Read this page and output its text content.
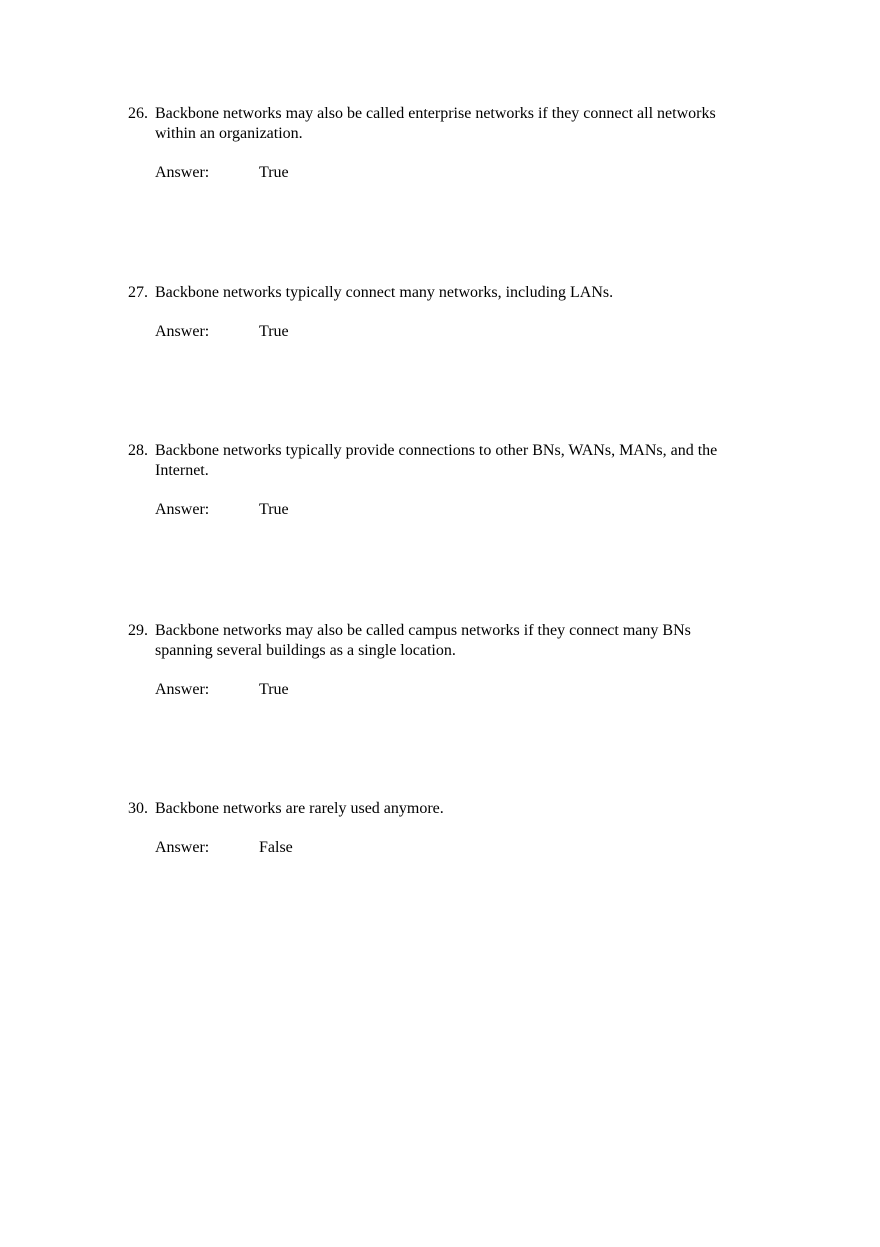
26. Backbone networks may also be called enterprise networks if they connect all networks within an organization.
Answer:	True
27. Backbone networks typically connect many networks, including LANs.
Answer:	True
28. Backbone networks typically provide connections to other BNs, WANs, MANs, and the Internet.
Answer:	True
29. Backbone networks may also be called campus networks if they connect many BNs spanning several buildings as a single location.
Answer:	True
30. Backbone networks are rarely used anymore.
Answer:	False
